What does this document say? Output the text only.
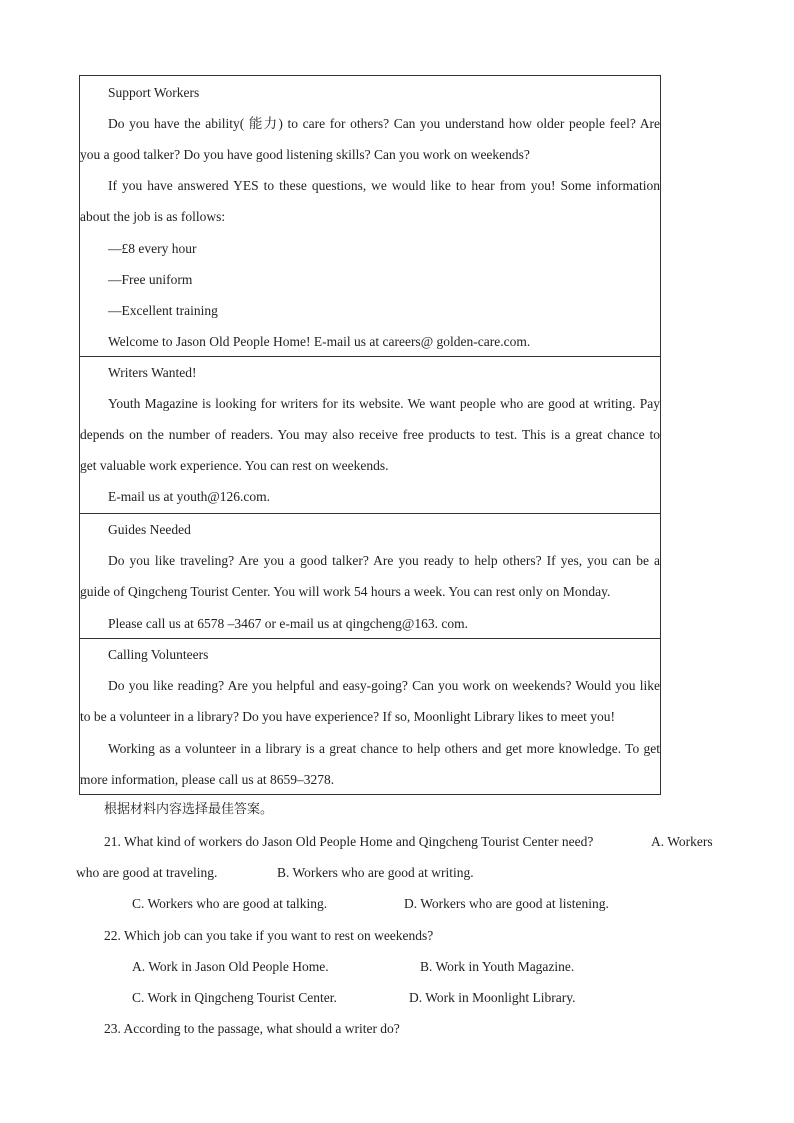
Support Workers
Do you have the ability( 能力) to care for others? Can you understand how older people feel? Are
you a good talker? Do you have good listening skills? Can you work on weekends?
If you have answered YES to these questions, we would like to hear from you! Some information
about the job is as follows:
—£8 every hour
—Free uniform
—Excellent training
Welcome to Jason Old People Home! E-mail us at careers@ golden-care.com.
Writers Wanted!
Youth Magazine is looking for writers for its website. We want people who are good at writing. Pay
depends on the number of readers. You may also receive free products to test. This is a great chance to
get valuable work experience. You can rest on weekends.
E-mail us at youth@126.com.
Guides Needed
Do you like traveling? Are you a good talker? Are you ready to help others? If yes, you can be a
guide of Qingcheng Tourist Center. You will work 54 hours a week. You can rest only on Monday.
Please call us at 6578 –3467 or e-mail us at qingcheng@163. com.
Calling Volunteers
Do you like reading? Are you helpful and easy-going? Can you work on weekends? Would you like
to be a volunteer in a library? Do you have experience? If so, Moonlight Library likes to meet you!
Working as a volunteer in a library is a great chance to help others and get more knowledge. To get
more information, please call us at 8659–3278.
根据材料内容选择最佳答案。
21. What kind of workers do Jason Old People Home and Qingcheng Tourist Center need?	A. Workers
who are good at traveling.	B. Workers who are good at writing.
C. Workers who are good at talking.	D. Workers who are good at listening.
22. Which job can you take if you want to rest on weekends?
A. Work in Jason Old People Home.	B. Work in Youth Magazine.
C. Work in Qingcheng Tourist Center.	D. Work in Moonlight Library.
23. According to the passage, what should a writer do?
